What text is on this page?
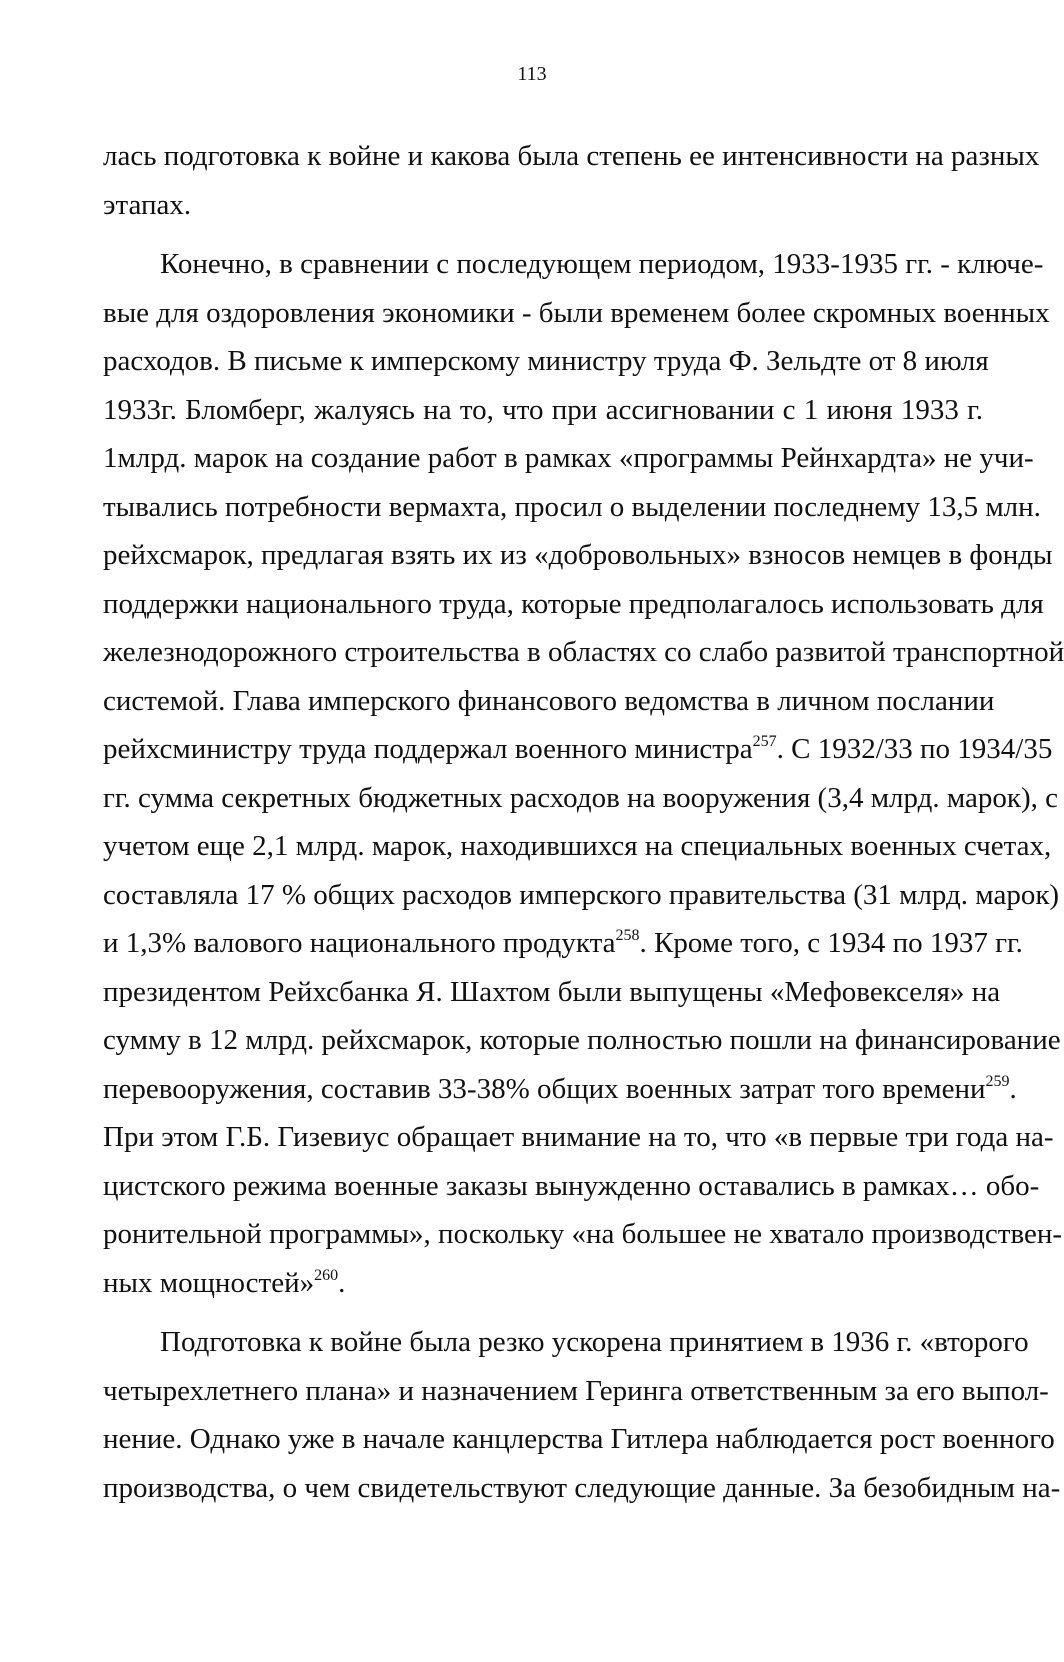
113
лась подготовка к войне и какова была степень ее интенсивности на разных
этапах.
Конечно, в сравнении с последующем периодом, 1933-1935 гг. - ключе-
вые для оздоровления экономики - были временем более скромных военных
расходов. В письме к имперскому министру труда Ф. Зельдте от 8 июля
1933г. Бломберг, жалуясь на то, что при ассигновании с 1 июня 1933 г.
1млрд. марок на создание работ в рамках «программы Рейнхардта» не учи-
тывались потребности вермахта, просил о выделении последнему 13,5 млн.
рейхсмарок, предлагая взять их из «добровольных» взносов немцев в фонды
поддержки национального труда, которые предполагалось использовать для
железнодорожного строительства в областях со слабо развитой транспортной
системой. Глава имперского финансового ведомства в личном послании
рейхсминистру труда поддержал военного министра$^{257}$. С 1932/33 по 1934/35
гг. сумма секретных бюджетных расходов на вооружения (3,4 млрд. марок), с
учетом еще 2,1 млрд. марок, находившихся на специальных военных счетах,
составляла 17 % общих расходов имперского правительства (31 млрд. марок)
и 1,3% валового национального продукта$^{258}$. Кроме того, с 1934 по 1937 гг.
президентом Рейхсбанка Я. Шахтом были выпущены «Мефовекселя» на
сумму в 12 млрд. рейхсмарок, которые полностью пошли на финансирование
перевооружения, составив 33-38% общих военных затрат того времени$^{259}$.
При этом Г.Б. Гизевиус обращает внимание на то, что «в первые три года на-
цистского режима военные заказы вынужденно оставались в рамках… обо-
ронительной программы», поскольку «на большее не хватало производствен-
ных мощностей»$^{260}$.
Подготовка к войне была резко ускорена принятием в 1936 г. «второго
четырехлетнего плана» и назначением Геринга ответственным за его выпол-
нение. Однако уже в начале канцлерства Гитлера наблюдается рост военного
производства, о чем свидетельствуют следующие данные. За безобидным на-
